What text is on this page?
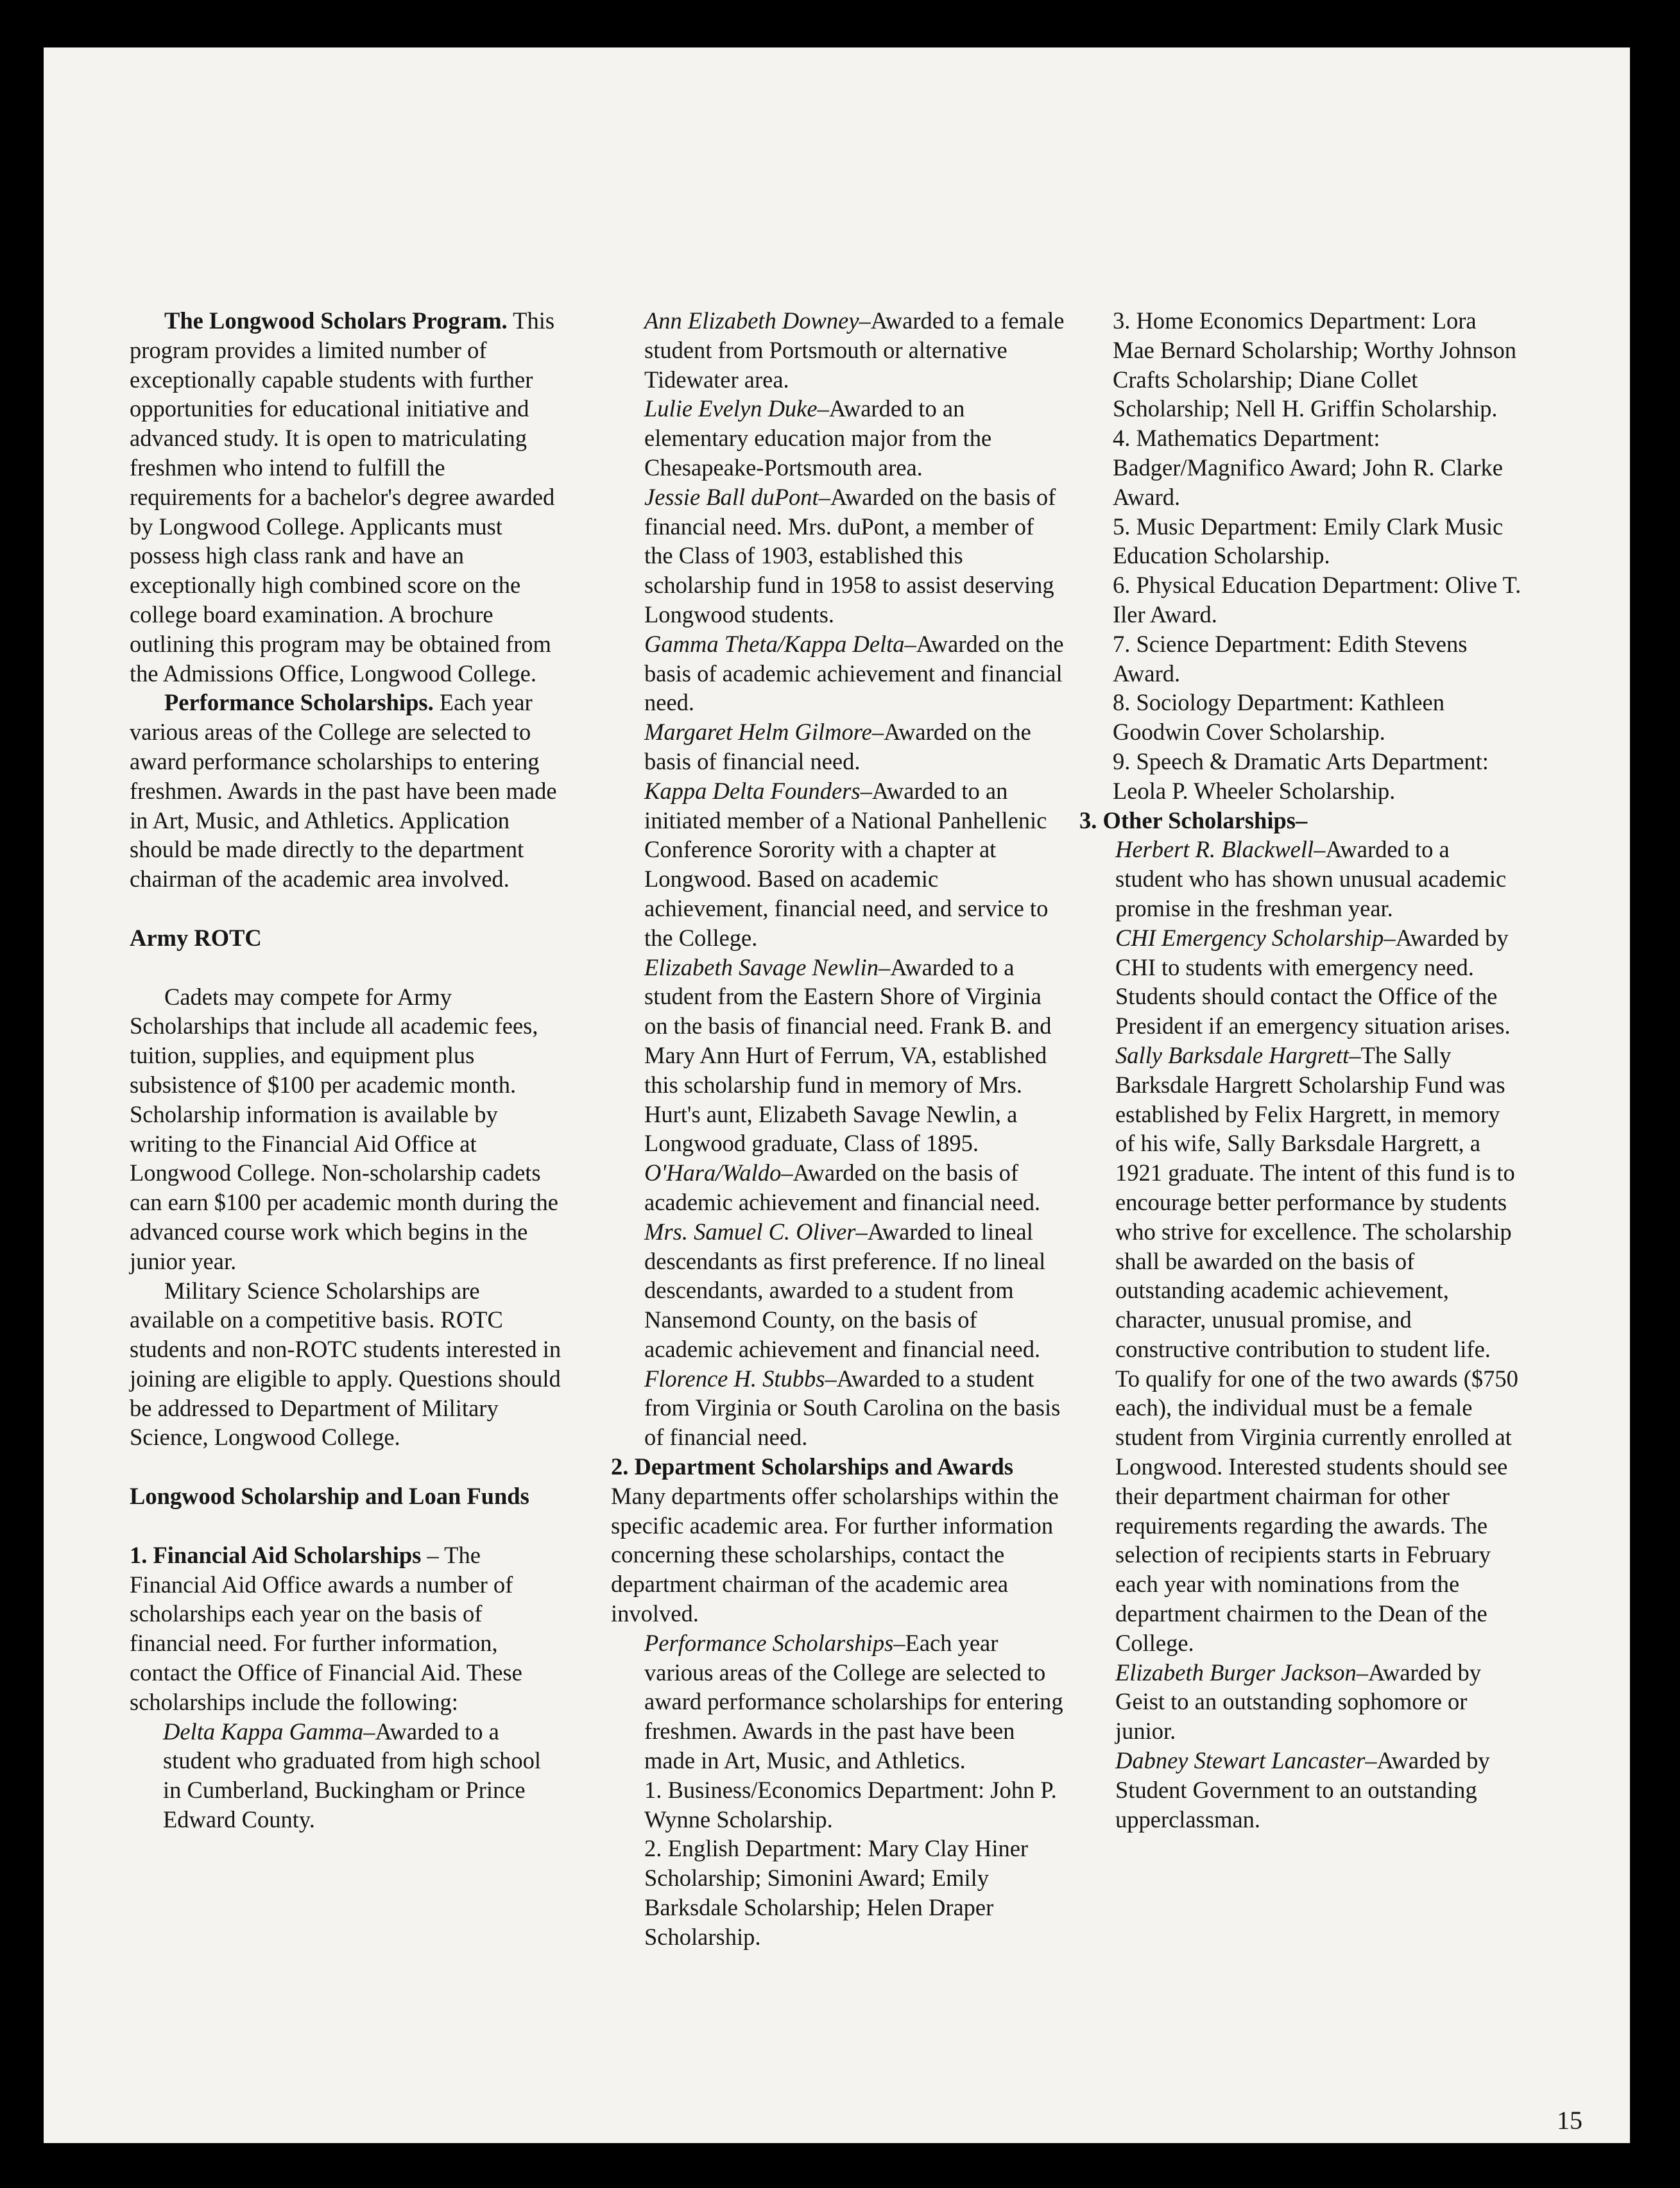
The Longwood Scholars Program. This program provides a limited number of exceptionally capable students with further opportunities for educational initiative and advanced study. It is open to matriculating freshmen who intend to fulfill the requirements for a bachelor's degree awarded by Longwood College. Applicants must possess high class rank and have an exceptionally high combined score on the college board examination. A brochure outlining this program may be obtained from the Admissions Office, Longwood College.

Performance Scholarships. Each year various areas of the College are selected to award performance scholarships to entering freshmen. Awards in the past have been made in Art, Music, and Athletics. Application should be made directly to the department chairman of the academic area involved.

Army ROTC

Cadets may compete for Army Scholarships that include all academic fees, tuition, supplies, and equipment plus subsistence of $100 per academic month. Scholarship information is available by writing to the Financial Aid Office at Longwood College. Non-scholarship cadets can earn $100 per academic month during the advanced course work which begins in the junior year.

Military Science Scholarships are available on a competitive basis. ROTC students and non-ROTC students interested in joining are eligible to apply. Questions should be addressed to Department of Military Science, Longwood College.

Longwood Scholarship and Loan Funds

1. Financial Aid Scholarships – The Financial Aid Office awards a number of scholarships each year on the basis of financial need. For further information, contact the Office of Financial Aid. These scholarships include the following:

Delta Kappa Gamma–Awarded to a student who graduated from high school in Cumberland, Buckingham or Prince Edward County.

Ann Elizabeth Downey–Awarded to a female student from Portsmouth or alternative Tidewater area.

Lulie Evelyn Duke–Awarded to an elementary education major from the Chesapeake-Portsmouth area.

Jessie Ball duPont–Awarded on the basis of financial need. Mrs. duPont, a member of the Class of 1903, established this scholarship fund in 1958 to assist deserving Longwood students.

Gamma Theta/Kappa Delta–Awarded on the basis of academic achievement and financial need.

Margaret Helm Gilmore–Awarded on the basis of financial need.

Kappa Delta Founders–Awarded to an initiated member of a National Panhellenic Conference Sorority with a chapter at Longwood. Based on academic achievement, financial need, and service to the College.

Elizabeth Savage Newlin–Awarded to a student from the Eastern Shore of Virginia on the basis of financial need. Frank B. and Mary Ann Hurt of Ferrum, VA, established this scholarship fund in memory of Mrs. Hurt's aunt, Elizabeth Savage Newlin, a Longwood graduate, Class of 1895.

O'Hara/Waldo–Awarded on the basis of academic achievement and financial need.

Mrs. Samuel C. Oliver–Awarded to lineal descendants as first preference. If no lineal descendants, awarded to a student from Nansemond County, on the basis of academic achievement and financial need.

Florence H. Stubbs–Awarded to a student from Virginia or South Carolina on the basis of financial need.

2. Department Scholarships and Awards

Many departments offer scholarships within the specific academic area. For further information concerning these scholarships, contact the department chairman of the academic area involved.

Performance Scholarships–Each year various areas of the College are selected to award performance scholarships for entering freshmen. Awards in the past have been made in Art, Music, and Athletics.

1. Business/Economics Department: John P. Wynne Scholarship.

2. English Department: Mary Clay Hiner Scholarship; Simonini Award; Emily Barksdale Scholarship; Helen Draper Scholarship.

3. Home Economics Department: Lora Mae Bernard Scholarship; Worthy Johnson Crafts Scholarship; Diane Collet Scholarship; Nell H. Griffin Scholarship.

4. Mathematics Department: Badger/Magnifico Award; John R. Clarke Award.

5. Music Department: Emily Clark Music Education Scholarship.

6. Physical Education Department: Olive T. Iler Award.

7. Science Department: Edith Stevens Award.

8. Sociology Department: Kathleen Goodwin Cover Scholarship.

9. Speech & Dramatic Arts Department: Leola P. Wheeler Scholarship.

3. Other Scholarships–

Herbert R. Blackwell–Awarded to a student who has shown unusual academic promise in the freshman year.

CHI Emergency Scholarship–Awarded by CHI to students with emergency need. Students should contact the Office of the President if an emergency situation arises.

Sally Barksdale Hargrett–The Sally Barksdale Hargrett Scholarship Fund was established by Felix Hargrett, in memory of his wife, Sally Barksdale Hargrett, a 1921 graduate. The intent of this fund is to encourage better performance by students who strive for excellence. The scholarship shall be awarded on the basis of outstanding academic achievement, character, unusual promise, and constructive contribution to student life.

To qualify for one of the two awards ($750 each), the individual must be a female student from Virginia currently enrolled at Longwood. Interested students should see their department chairman for other requirements regarding the awards. The selection of recipients starts in February each year with nominations from the department chairmen to the Dean of the College.

Elizabeth Burger Jackson–Awarded by Geist to an outstanding sophomore or junior.

Dabney Stewart Lancaster–Awarded by Student Government to an outstanding upperclassman.

15
